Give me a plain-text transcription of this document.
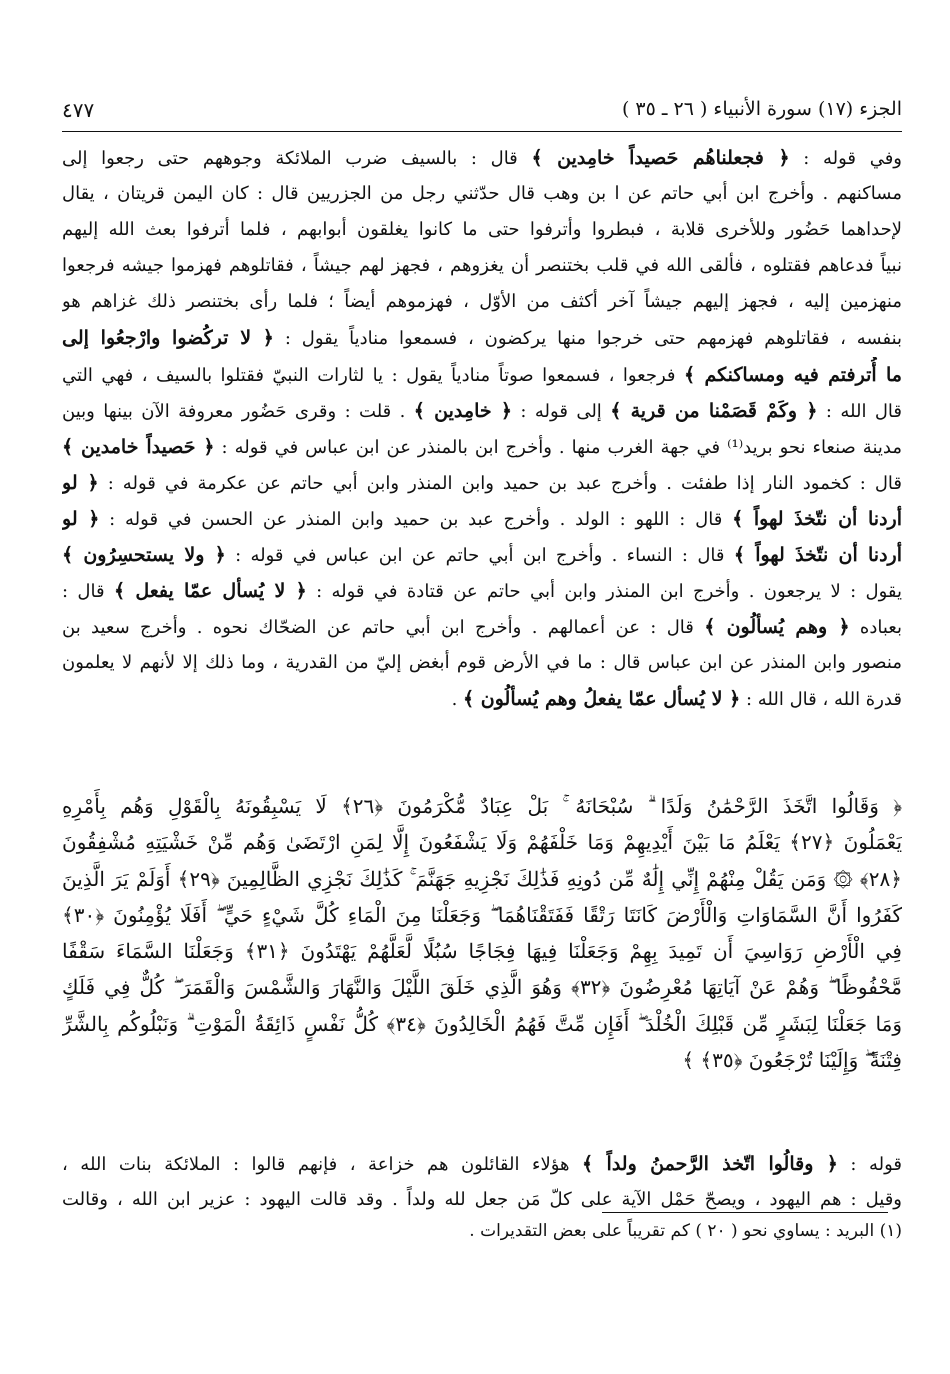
الجزء (١٧) سورة الأنبياء ( ٢٦ ـ ٣٥ )
٤٧٧
وفي قوله : ﴿ فجعلناهُم حَصيداً خامِدين ﴾ قال : بالسيف ضرب الملائكة وجوههم حتى رجعوا إلى
مساكنهم . وأخرج ابن أبي حاتم عن ا بن وهب قال حدّثني رجل من الجزريين قال : كان اليمن قريتان ، يقال
لإحداهما حَضُور وللأخرى قلابة ، فبطروا وأترفوا حتى ما كانوا يغلقون أبوابهم ، فلما أترفوا بعث الله إليهم
نبياً فدعاهم فقتلوه ، فألقى الله في قلب بختنصر أن يغزوهم ، فجهز لهم جيشاً ، فقاتلوهم فهزموا جيشه فرجعوا
منهزمين إليه ، فجهز إليهم جيشاً آخر أكثف من الأوّل ، فهزموهم أيضاً ؛ فلما رأى بختنصر ذلك غزاهم هو
بنفسه ، فقاتلوهم فهزمهم حتى خرجوا منها يركضون ، فسمعوا منادياً يقول : ﴿ لا تركُضوا وارْجعُوا إلى
ما أُترفتم فيه ومساكنكم ﴾ فرجعوا ، فسمعوا صوتاً منادياً يقول : يا لثارات النبيّ فقتلوا بالسيف ، فهي التي
قال الله : ﴿ وكَمْ قَصَمْنا من قرية ﴾ إلى قوله : ﴿ خامِدين ﴾ . قلت : وقرى حَضُور معروفة الآن بينها وبين
مدينة صنعاء نحو بريد⁽¹⁾ في جهة الغرب منها . وأخرج ابن بالمنذر عن ابن عباس في قوله : ﴿ حَصيداً خامدين ﴾
قال : كخمود النار إذا طفئت . وأخرج عبد بن حميد وابن المنذر وابن أبي حاتم عن عكرمة في قوله : ﴿ لو
أردنا أن نتّخذَ لهواً ﴾ قال : اللهو : الولد . وأخرج عبد بن حميد وابن المنذر عن الحسن في قوله : ﴿ لو
أردنا أن نتّخذَ لهواً ﴾ قال : النساء . وأخرج ابن أبي حاتم عن ابن عباس في قوله : ﴿ ولا يستحسِرُون ﴾
يقول : لا يرجعون . وأخرج ابن المنذر وابن أبي حاتم عن قتادة في قوله : ﴿ لا يُسأل عمّا يفعل ﴾ قال :
بعباده ﴿ وهم يُسألُون ﴾ قال : عن أعمالهم . وأخرج ابن أبي حاتم عن الضحّاك نحوه . وأخرج سعيد بن
منصور وابن المنذر عن ابن عباس قال : ما في الأرض قوم أبغض إليّ من القدرية ، وما ذلك إلا لأنهم لا يعلمون
قدرة الله ، قال الله : ﴿ لا يُسأل عمّا يفعلُ وهم يُسألُون ﴾ .
﴿ وَقَالُوا اتَّخَذَ الرَّحْمَٰنُ وَلَدًا ۗ سُبْحَانَهُ ۚ بَلْ عِبَادٌ مُّكْرَمُونَ ﴿٢٦﴾ لَا يَسْبِقُونَهُ بِالْقَوْلِ وَهُم بِأَمْرِهِ
يَعْمَلُونَ ﴿٢٧﴾ يَعْلَمُ مَا بَيْنَ أَيْدِيهِمْ وَمَا خَلْفَهُمْ وَلَا يَشْفَعُونَ إِلَّا لِمَنِ ارْتَضَىٰ وَهُم مِّنْ خَشْيَتِهِ مُشْفِقُونَ
﴿٢٨﴾ ۞ وَمَن يَقُلْ مِنْهُمْ إِنِّي إِلَٰهٌ مِّن دُونِهِ فَذَٰلِكَ نَجْزِيهِ جَهَنَّمَ ۚ كَذَٰلِكَ نَجْزِي الظَّالِمِينَ ﴿٢٩﴾ أَوَلَمْ يَرَ الَّذِينَ
كَفَرُوا أَنَّ السَّمَاوَاتِ وَالْأَرْضَ كَانَتَا رَتْقًا فَفَتَقْنَاهُمَا ۖ وَجَعَلْنَا مِنَ الْمَاءِ كُلَّ شَيْءٍ حَيٍّ ۖ أَفَلَا يُؤْمِنُونَ ﴿٣٠﴾
فِي الْأَرْضِ رَوَاسِيَ أَن تَمِيدَ بِهِمْ وَجَعَلْنَا فِيهَا فِجَاجًا سُبُلًا لَّعَلَّهُمْ يَهْتَدُونَ ﴿٣١﴾ وَجَعَلْنَا السَّمَاءَ سَقْفًا
مَّحْفُوظًا ۖ وَهُمْ عَنْ آيَاتِهَا مُعْرِضُونَ ﴿٣٢﴾ وَهُوَ الَّذِي خَلَقَ اللَّيْلَ وَالنَّهَارَ وَالشَّمْسَ وَالْقَمَرَ ۖ كُلٌّ فِي فَلَكٍ
وَمَا جَعَلْنَا لِبَشَرٍ مِّن قَبْلِكَ الْخُلْدَ ۖ أَفَإِن مِّتَّ فَهُمُ الْخَالِدُونَ ﴿٣٤﴾ كُلُّ نَفْسٍ ذَائِقَةُ الْمَوْتِ ۗ وَنَبْلُوكُم بِالشَّرِّ
فِتْنَةً ۖ وَإِلَيْنَا تُرْجَعُونَ ﴿٣٥﴾ ﴾
قوله : ﴿ وقالُوا اتّخذ الرَّحمنُ ولداً ﴾ هؤلاء القائلون هم خزاعة ، فإنهم قالوا : الملائكة بنات الله ،
وقيل : هم اليهود ، ويصحّ حَمْل الآية على كلّ مَن جعل لله ولداً . وقد قالت اليهود : عزير ابن الله ، وقالت
(١) البريد : يساوي نحو ( ٢٠ ) كم تقريباً على بعض التقديرات .
